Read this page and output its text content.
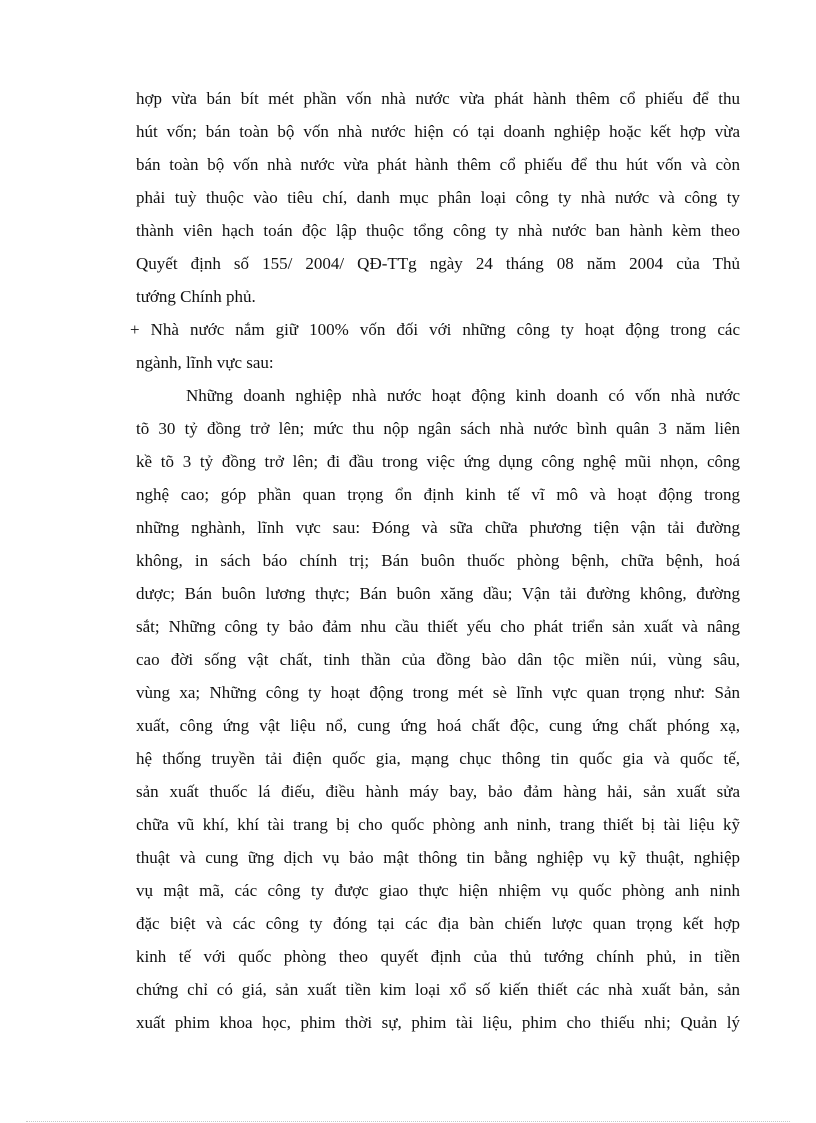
hợp vừa bán bít mét phần vốn nhà nước vừa phát hành thêm cổ phiếu để thu
hút vốn; bán toàn bộ vốn nhà nước hiện có tại doanh nghiệp hoặc kết hợp vừa
bán toàn bộ vốn nhà nước vừa phát hành thêm cổ phiếu để thu hút vốn và còn
phải tuỳ thuộc vào tiêu chí, danh mục phân loại công ty nhà nước và công ty
thành viên hạch toán độc lập thuộc tổng công ty nhà nước ban hành kèm theo
Quyết định số 155/ 2004/ QĐ-TTg ngày 24 tháng 08 năm 2004 của Thủ
tướng Chính phủ.
+ Nhà nước nắm giữ 100% vốn đối với những công ty hoạt động trong các
ngành, lĩnh vực sau:
Những doanh nghiệp nhà nước hoạt động kinh doanh có vốn nhà nước
tõ 30 tỷ đồng trở lên; mức thu nộp ngân sách nhà nước bình quân 3 năm liên
kề tõ 3 tỷ đồng trở lên; đi đầu trong việc ứng dụng công nghệ mũi nhọn, công
nghệ cao; góp phần quan trọng ổn định kinh tế vĩ mô và hoạt động trong
những nghành, lĩnh vực sau: Đóng và sữa chữa phương tiện vận tải đường
không, in sách báo chính trị; Bán buôn thuốc phòng bệnh, chữa bệnh, hoá
dược; Bán buôn lương thực; Bán buôn xăng dầu; Vận tải đường không, đường
sắt; Những công ty bảo đảm nhu cầu thiết yếu cho phát triển sản xuất và nâng
cao đời sống vật chất, tinh thần của đồng bào dân tộc miền núi, vùng sâu,
vùng xa; Những công ty hoạt động trong mét sè lĩnh vực quan trọng như: Sản
xuất, công ứng vật liệu nổ, cung ứng hoá chất độc, cung ứng chất phóng xạ,
hệ thống truyền tải điện quốc gia, mạng chục thông tin quốc gia và quốc tế,
sản xuất thuốc lá điếu, điều hành máy bay, bảo đảm hàng hải, sản xuất sửa
chữa vũ khí, khí tài trang bị cho quốc phòng anh ninh, trang thiết bị tài liệu kỹ
thuật và cung ững dịch vụ bảo mật thông tin bằng nghiệp vụ kỹ thuật, nghiệp
vụ mật mã, các công ty được giao thực hiện nhiệm vụ quốc phòng anh ninh
đặc biệt và các công ty đóng tại các địa bàn chiến lược quan trọng kết hợp
kinh tế với quốc phòng theo quyết định của thủ tướng chính phủ, in tiền
chứng chỉ có giá, sản xuất tiền kim loại xổ số kiến thiết các nhà xuất bản, sản
xuất phim khoa học, phim thời sự, phim tài liệu, phim cho thiếu nhi; Quản lý
